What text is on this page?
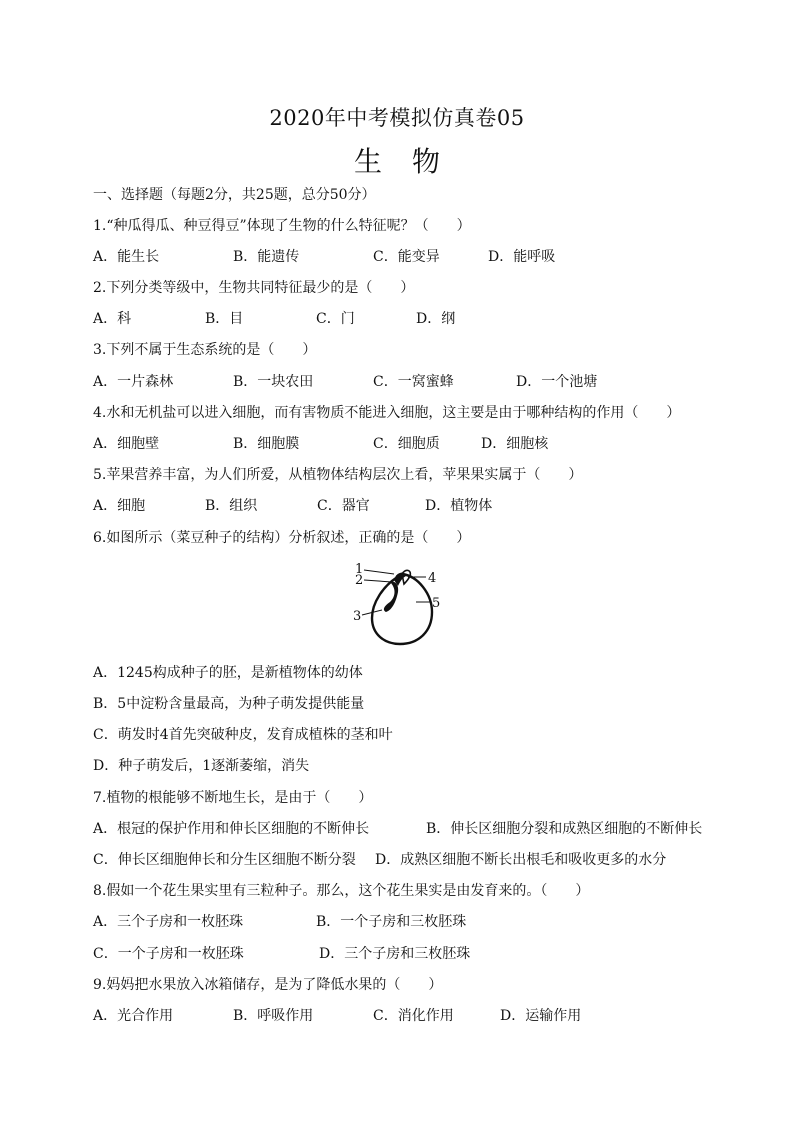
2020年中考模拟仿真卷05
生物
一、选择题（每题2分，共25题，总分50分）
1.“种瓜得瓜、种豆得豆”体现了生物的什么特征呢？（　　）
A．能生长	B．能遗传	C．能变异	D．能呼吸
2.下列分类等级中，生物共同特征最少的是（　　）
A．科	B．目	C．门	D．纲
3.下列不属于生态系统的是（　　）
A．一片森林	B．一块农田	C．一窝蜜蜂	D．一个池塘
4.水和无机盐可以进入细胞，而有害物质不能进入细胞，这主要是由于哪种结构的作用（　　）
A．细胞壁	B．细胞膜	C．细胞质	D．细胞核
5.苹果营养丰富，为人们所爱，从植物体结构层次上看，苹果果实属于（　　）
A．细胞	B．组织	C．器官	D．植物体
6.如图所示（菜豆种子的结构）分析叙述，正确的是（　　）
1
2
3
4
5
A．1245构成种子的胚，是新植物体的幼体
B．5中淀粉含量最高，为种子萌发提供能量
C．萌发时4首先突破种皮，发育成植株的茎和叶
D．种子萌发后，1逐渐萎缩，消失
7.植物的根能够不断地生长，是由于（　　）
A．根冠的保护作用和伸长区细胞的不断伸长	B．伸长区细胞分裂和成熟区细胞的不断伸长
C．伸长区细胞伸长和分生区细胞不断分裂 D．成熟区细胞不断长出根毛和吸收更多的水分
8.假如一个花生果实里有三粒种子。那么，这个花生果实是由发育来的。（　　）
A．三个子房和一枚胚珠	B．一个子房和三枚胚珠
C．一个子房和一枚胚珠	D．三个子房和三枚胚珠
9.妈妈把水果放入冰箱储存，是为了降低水果的（　　）
A．光合作用	B．呼吸作用	C．消化作用	D．运输作用
